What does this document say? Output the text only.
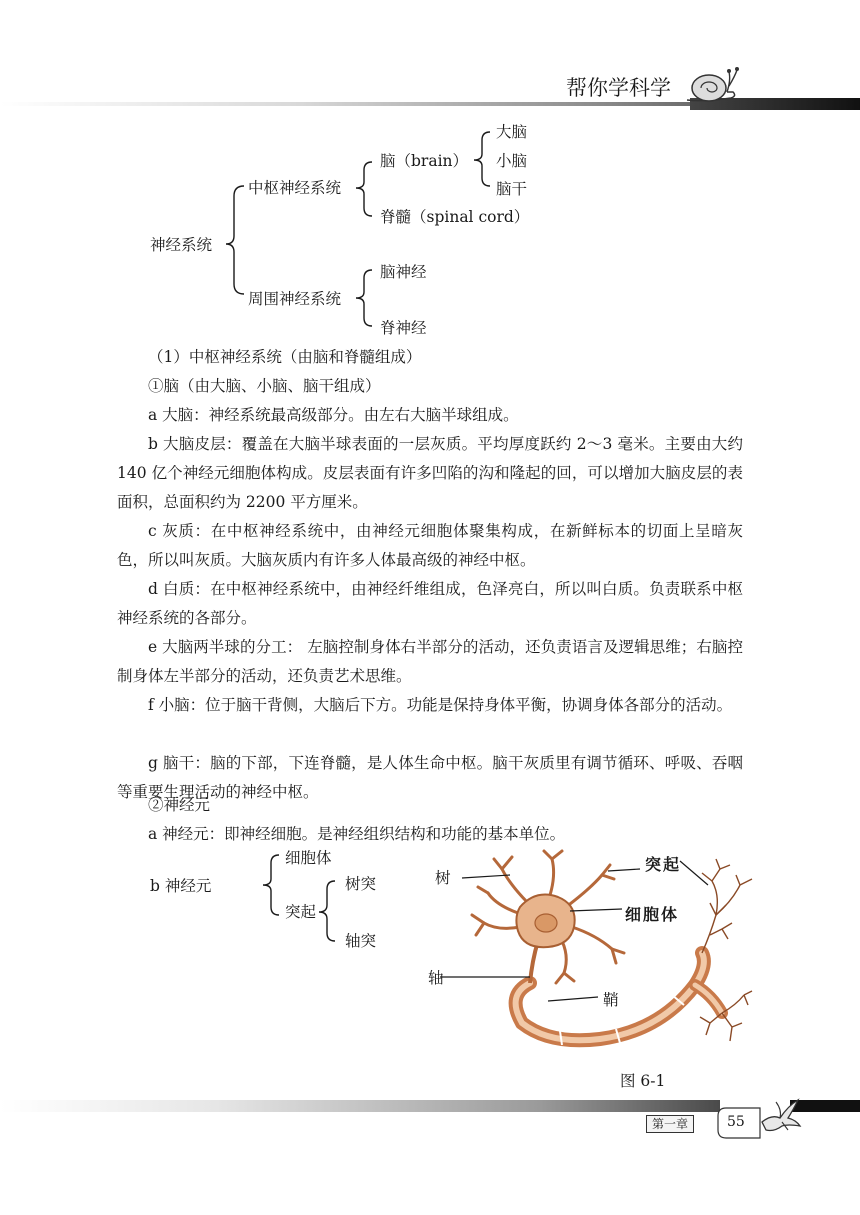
帮你学科学
神经系统
中枢神经系统
脑（brain）
大脑
小脑
脑干
脊髓（spinal cord）
周围神经系统
脑神经
脊神经
（1）中枢神经系统（由脑和脊髓组成）
①脑（由大脑、小脑、脑干组成）
a 大脑：神经系统最高级部分。由左右大脑半球组成。
b 大脑皮层：覆盖在大脑半球表面的一层灰质。平均厚度跃约 2～3 毫米。主要由大约 140 亿个神经元细胞体构成。皮层表面有许多凹陷的沟和隆起的回，可以增加大脑皮层的表面积，总面积约为 2200 平方厘米。
c 灰质：在中枢神经系统中，由神经元细胞体聚集构成，在新鲜标本的切面上呈暗灰色，所以叫灰质。大脑灰质内有许多人体最高级的神经中枢。
d 白质：在中枢神经系统中，由神经纤维组成，色泽亮白，所以叫白质。负责联系中枢神经系统的各部分。
e 大脑两半球的分工： 左脑控制身体右半部分的活动，还负责语言及逻辑思维；右脑控制身体左半部分的活动，还负责艺术思维。
f 小脑：位于脑干背侧，大脑后下方。功能是保持身体平衡，协调身体各部分的活动。
g 脑干：脑的下部，下连脊髓，是人体生命中枢。脑干灰质里有调节循环、呼吸、吞咽等重要生理活动的神经中枢。
②神经元
a 神经元：即神经细胞。是神经组织结构和功能的基本单位。
b 神经元
细胞体
突起
树突
轴突
树
轴
鞘
突起
细胞体
图 6-1
第一章	55
